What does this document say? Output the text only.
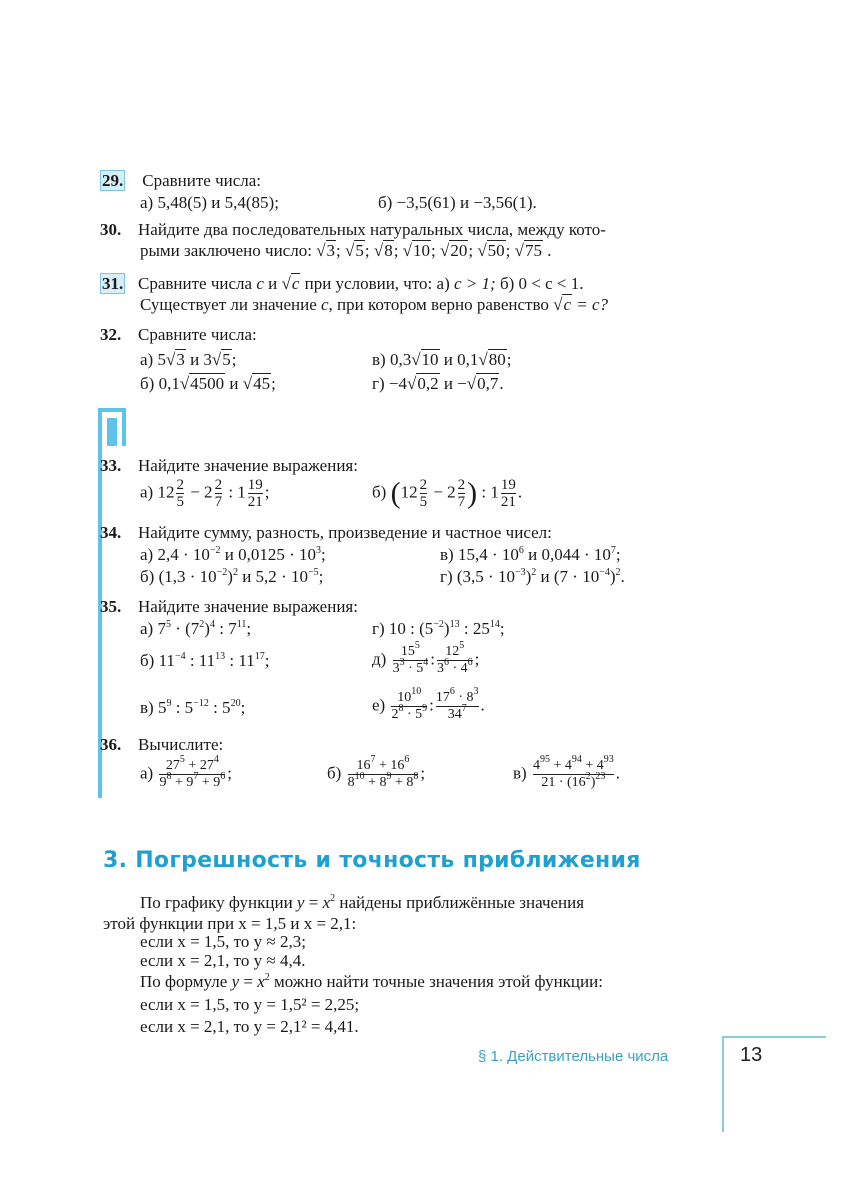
29. Сравните числа:
а) 5,48(5) и 5,4(85);	б) −3,5(61) и −3,56(1).
30. Найдите два последовательных натуральных числа, между кото-
рыми заключено число: √3; √5; √8; √10; √20; √50; √75 .
31. Сравните числа c и √c при условии, что: а) c > 1; б) 0 < c < 1.
Существует ли значение c, при котором верно равенство √c = c?
32. Сравните числа:
а) 5√3 и 3√5;
б) 0,1√4500 и √45;
в) 0,3√10 и 0,1√80;
г) −4√0,2 и −√0,7.
33. Найдите значение выражения:
а) $12 \frac{2}{5} - 2 \frac{2}{7}$ : $1 \frac{19}{21}$ ;	б) ($12 \frac{2}{5} - 2 \frac{2}{7}$ ) : $1 \frac{19}{21}$ .
34. Найдите сумму, разность, произведение и частное чисел:
а) $2,4 \cdot 10^{-2}$ и $0,0125 \cdot 10^3$;
б) $(1,3 \cdot 10^{-2})^2$ и $5,2 \cdot 10^{-5}$;
в) $15,4 \cdot 10^6$ и $0,044 \cdot 10^7$;
г) $(3,5 \cdot 10^{-3})^2$ и $(7 \cdot 10^{-4})^2$.
35. Найдите значение выражения:
а) $7^5 \cdot (7^2)^4$ : $7^{11}$;
б) $11^{-4}$ : $11^{13}$ : $11^{17}$;
в) $5^9$ : $5^{-12}$ : $5^{20}$;
г) 10 : $(5^{-2})^{13}$ : $25^{14}$;
$д) \frac{15^5}{3^3 \cdot 5^4}$ : $\frac{12^5}{3^6 \cdot 4^6}$ ;
$е) \frac{10^{10}}{2^8 \cdot 5^9}$ : $\frac{17^6 \cdot 8^3}{34^7}$ .
36. Вычислите:
$а) \frac{27^5 + 27^4}{9^8 + 9^7 + 9^6}$ ;	$б) \frac{16^7 + 16^6}{8^{10} + 8^9 + 8^8}$ ;	$в) \frac{4^{95} + 4^{94} + 4^{93}}{21 \cdot (16^2)^{23}}$ .
3. Погрешность и точность приближения
По графику функции $y = x^2$ найдены приближённые значения
этой функции при x = 1,5 и x = 2,1:
если x = 1,5, то y ≈ 2,3;
если x = 2,1, то y ≈ 4,4.
По формуле $y = x^2$ можно найти точные значения этой функции:
если x = 1,5, то y = 1,5² = 2,25;
если x = 2,1, то y = 2,1² = 4,41.
§ 1. Действительные числа	13
